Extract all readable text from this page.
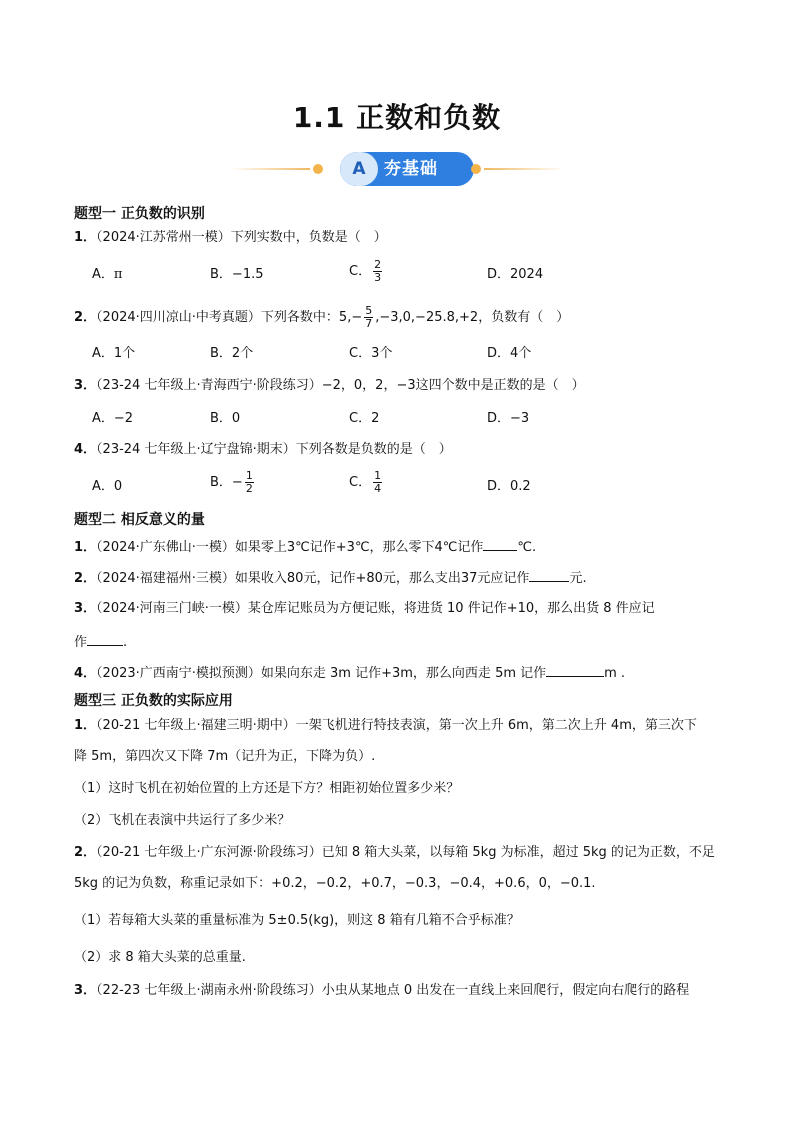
1.1 正数和负数
A	夯基础
题型一 正负数的识别
1．（2024·江苏常州一模）下列实数中，负数是（　）
A．π	B．−1.5	C． $\frac{2}{3}$	D．2024
2．（2024·四川凉山·中考真题）下列各数中：$5,- \frac{5}{7} ,-3,0,-25.8,+2$，负数有（　）
A．1个	B．2个	C．3个	D．4个
3．（23-24 七年级上·青海西宁·阶段练习）−2，0，2，−3这四个数中是正数的是（　）
A．−2	B．0	C．2	D．−3
4．（23-24 七年级上·辽宁盘锦·期末）下列各数是负数的是（　）
A．0	B．− $\frac{1}{2}$	C． $\frac{1}{4}$	D．0.2
题型二 相反意义的量
1．（2024·广东佛山·一模）如果零上3℃记作+3℃，那么零下4℃记作	℃.
2．（2024·福建福州·三模）如果收入80元，记作+80元，那么支出37元应记作	元.
3．（2024·河南三门峡·一模）某仓库记账员为方便记账，将进货 10 件记作+10，那么出货 8 件应记
作	.
4．（2023·广西南宁·模拟预测）如果向东走 3m 记作+3m，那么向西走 5m 记作	m .
题型三 正负数的实际应用
1．（20-21 七年级上·福建三明·期中）一架飞机进行特技表演，第一次上升 6m，第二次上升 4m，第三次下
降 5m，第四次又下降 7m（记升为正，下降为负）.
（1）这时飞机在初始位置的上方还是下方？相距初始位置多少米？
（2）飞机在表演中共运行了多少米？
2．（20-21 七年级上·广东河源·阶段练习）已知 8 箱大头菜，以每箱 5kg 为标准，超过 5kg 的记为正数，不足
5kg 的记为负数，称重记录如下：+0.2，−0.2，+0.7，−0.3，−0.4，+0.6，0，−0.1.
（1）若每箱大头菜的重量标准为 5±0.5(kg)，则这 8 箱有几箱不合乎标准？
（2）求 8 箱大头菜的总重量.
3．（22-23 七年级上·湖南永州·阶段练习）小虫从某地点 0 出发在一直线上来回爬行，假定向右爬行的路程
